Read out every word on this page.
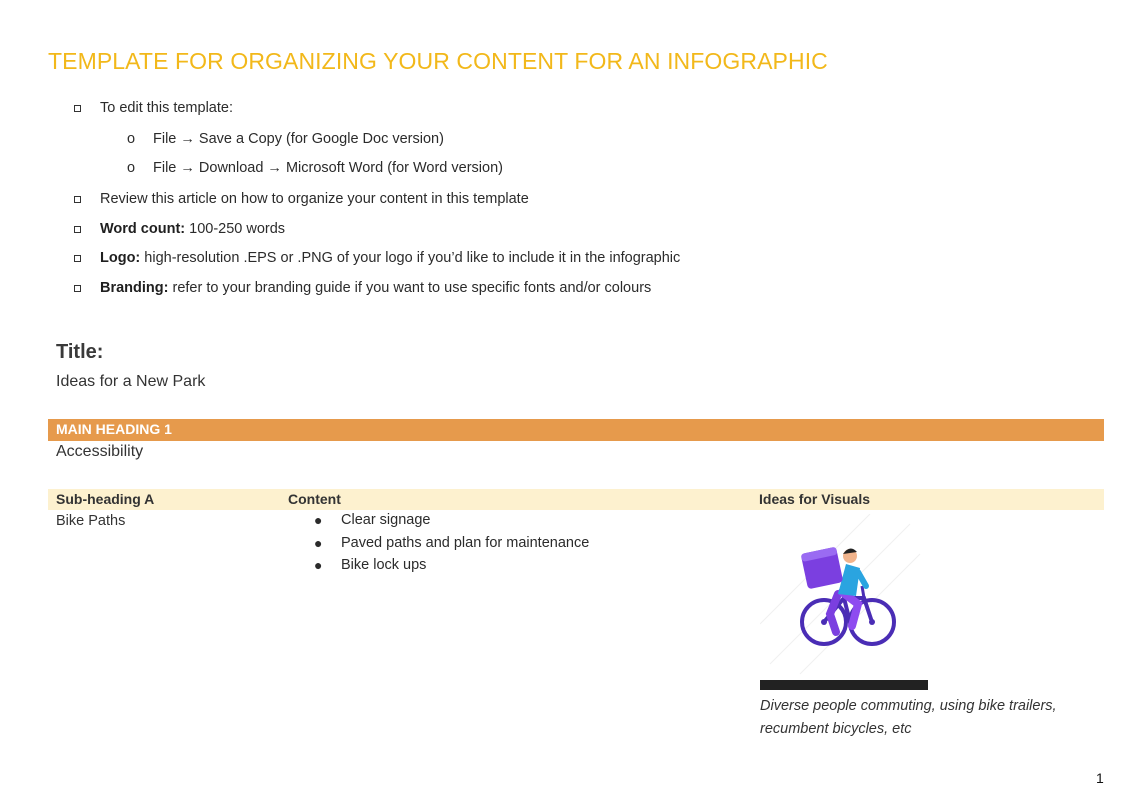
TEMPLATE FOR ORGANIZING YOUR CONTENT FOR AN INFOGRAPHIC
To edit this template:
o File → Save a Copy (for Google Doc version)
o File → Download → Microsoft Word (for Word version)
Review this article on how to organize your content in this template
Word count: 100-250 words
Logo: high-resolution .EPS or .PNG of your logo if you’d like to include it in the infographic
Branding: refer to your branding guide if you want to use specific fonts and/or colours
Title:
Ideas for a New Park
MAIN HEADING 1
Accessibility
Sub-heading A	Content	Ideas for Visuals
Bike Paths	● Clear signage
● Paved paths and plan for maintenance
● Bike lock ups
Diverse people commuting, using bike trailers, recumbent bicycles, etc
1
